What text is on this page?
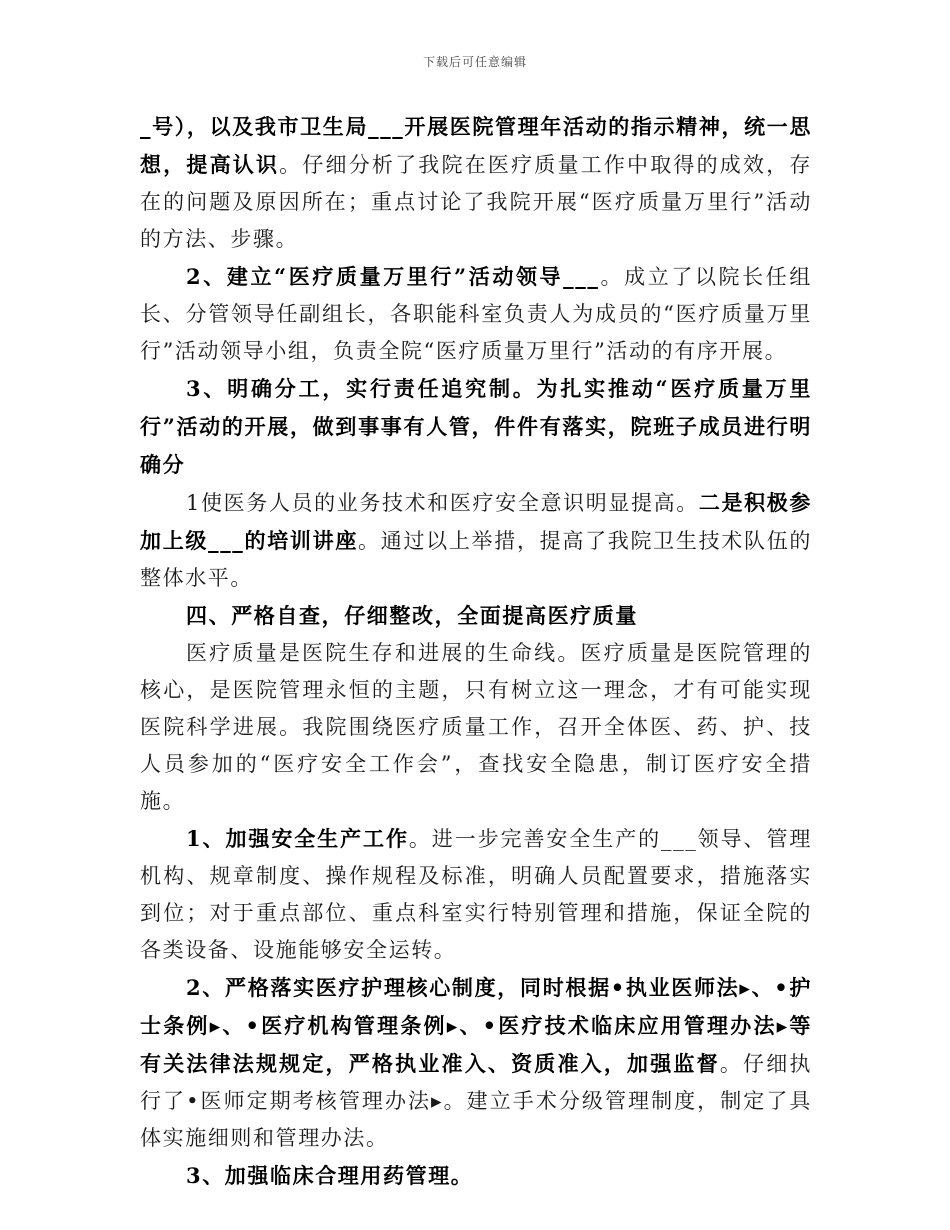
下载后可任意编辑

_号），以及我市卫生局___开展医院管理年活动的指示精神，统一思想，提高认识。仔细分析了我院在医疗质量工作中取得的成效，存在的问题及原因所在；重点讨论了我院开展“医疗质量万里行”活动的方法、步骤。

2、建立“医疗质量万里行”活动领导___。成立了以院长任组长、分管领导任副组长，各职能科室负责人为成员的“医疗质量万里行”活动领导小组，负责全院“医疗质量万里行”活动的有序开展。

3、明确分工，实行责任追究制。为扎实推动“医疗质量万里行”活动的开展，做到事事有人管，件件有落实，院班子成员进行明确分

1使医务人员的业务技术和医疗安全意识明显提高。二是积极参加上级___的培训讲座。通过以上举措，提高了我院卫生技术队伍的整体水平。

四、严格自查，仔细整改，全面提高医疗质量

医疗质量是医院生存和进展的生命线。医疗质量是医院管理的核心，是医院管理永恒的主题，只有树立这一理念，才有可能实现医院科学进展。我院围绕医疗质量工作，召开全体医、药、护、技人员参加的“医疗安全工作会”，查找安全隐患，制订医疗安全措施。

1、加强安全生产工作。进一步完善安全生产的___领导、管理机构、规章制度、操作规程及标准，明确人员配置要求，措施落实到位；对于重点部位、重点科室实行特别管理和措施，保证全院的各类设备、设施能够安全运转。

2、严格落实医疗护理核心制度，同时根据•执业医师法▸、•护士条例▸、•医疗机构管理条例▸、•医疗技术临床应用管理办法▸等有关法律法规规定，严格执业准入、资质准入，加强监督。仔细执行了•医师定期考核管理办法▸。建立手术分级管理制度，制定了具体实施细则和管理办法。

3、加强临床合理用药管理。
